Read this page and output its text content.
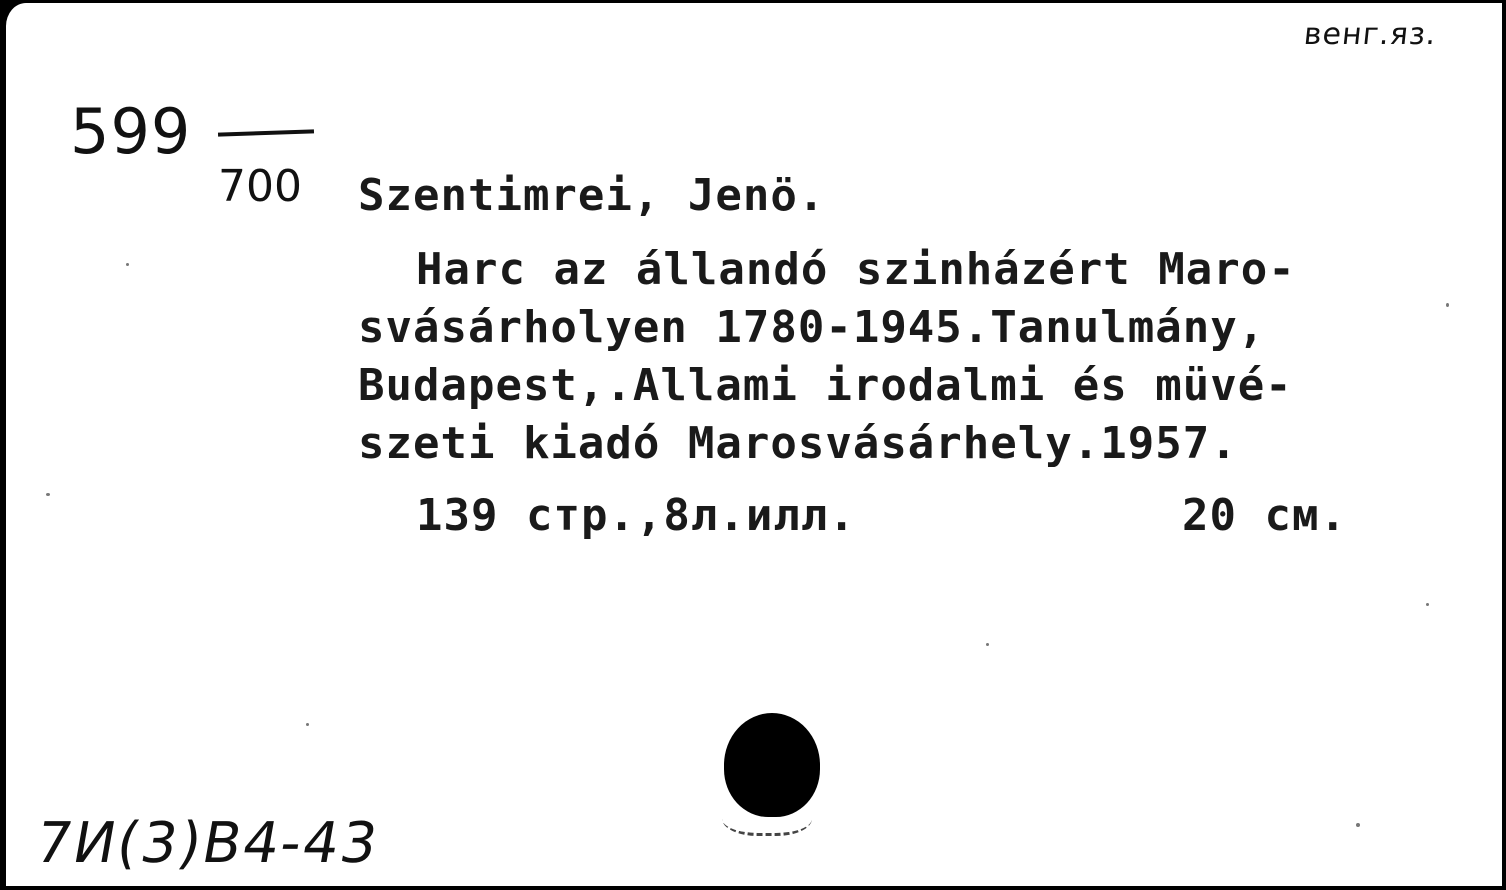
венг.яз.
599
700 Szentimrei, Jenö.
Harc az állandó szinházért Maro-
svásárholyen 1780-1945.Tanulmány,
Budapest,.Allami irodalmi és müvé-
szeti kiadó Marosvásárhely.1957.
139 стр.,8л.илл.	20 см.
7И(3)В4-43
